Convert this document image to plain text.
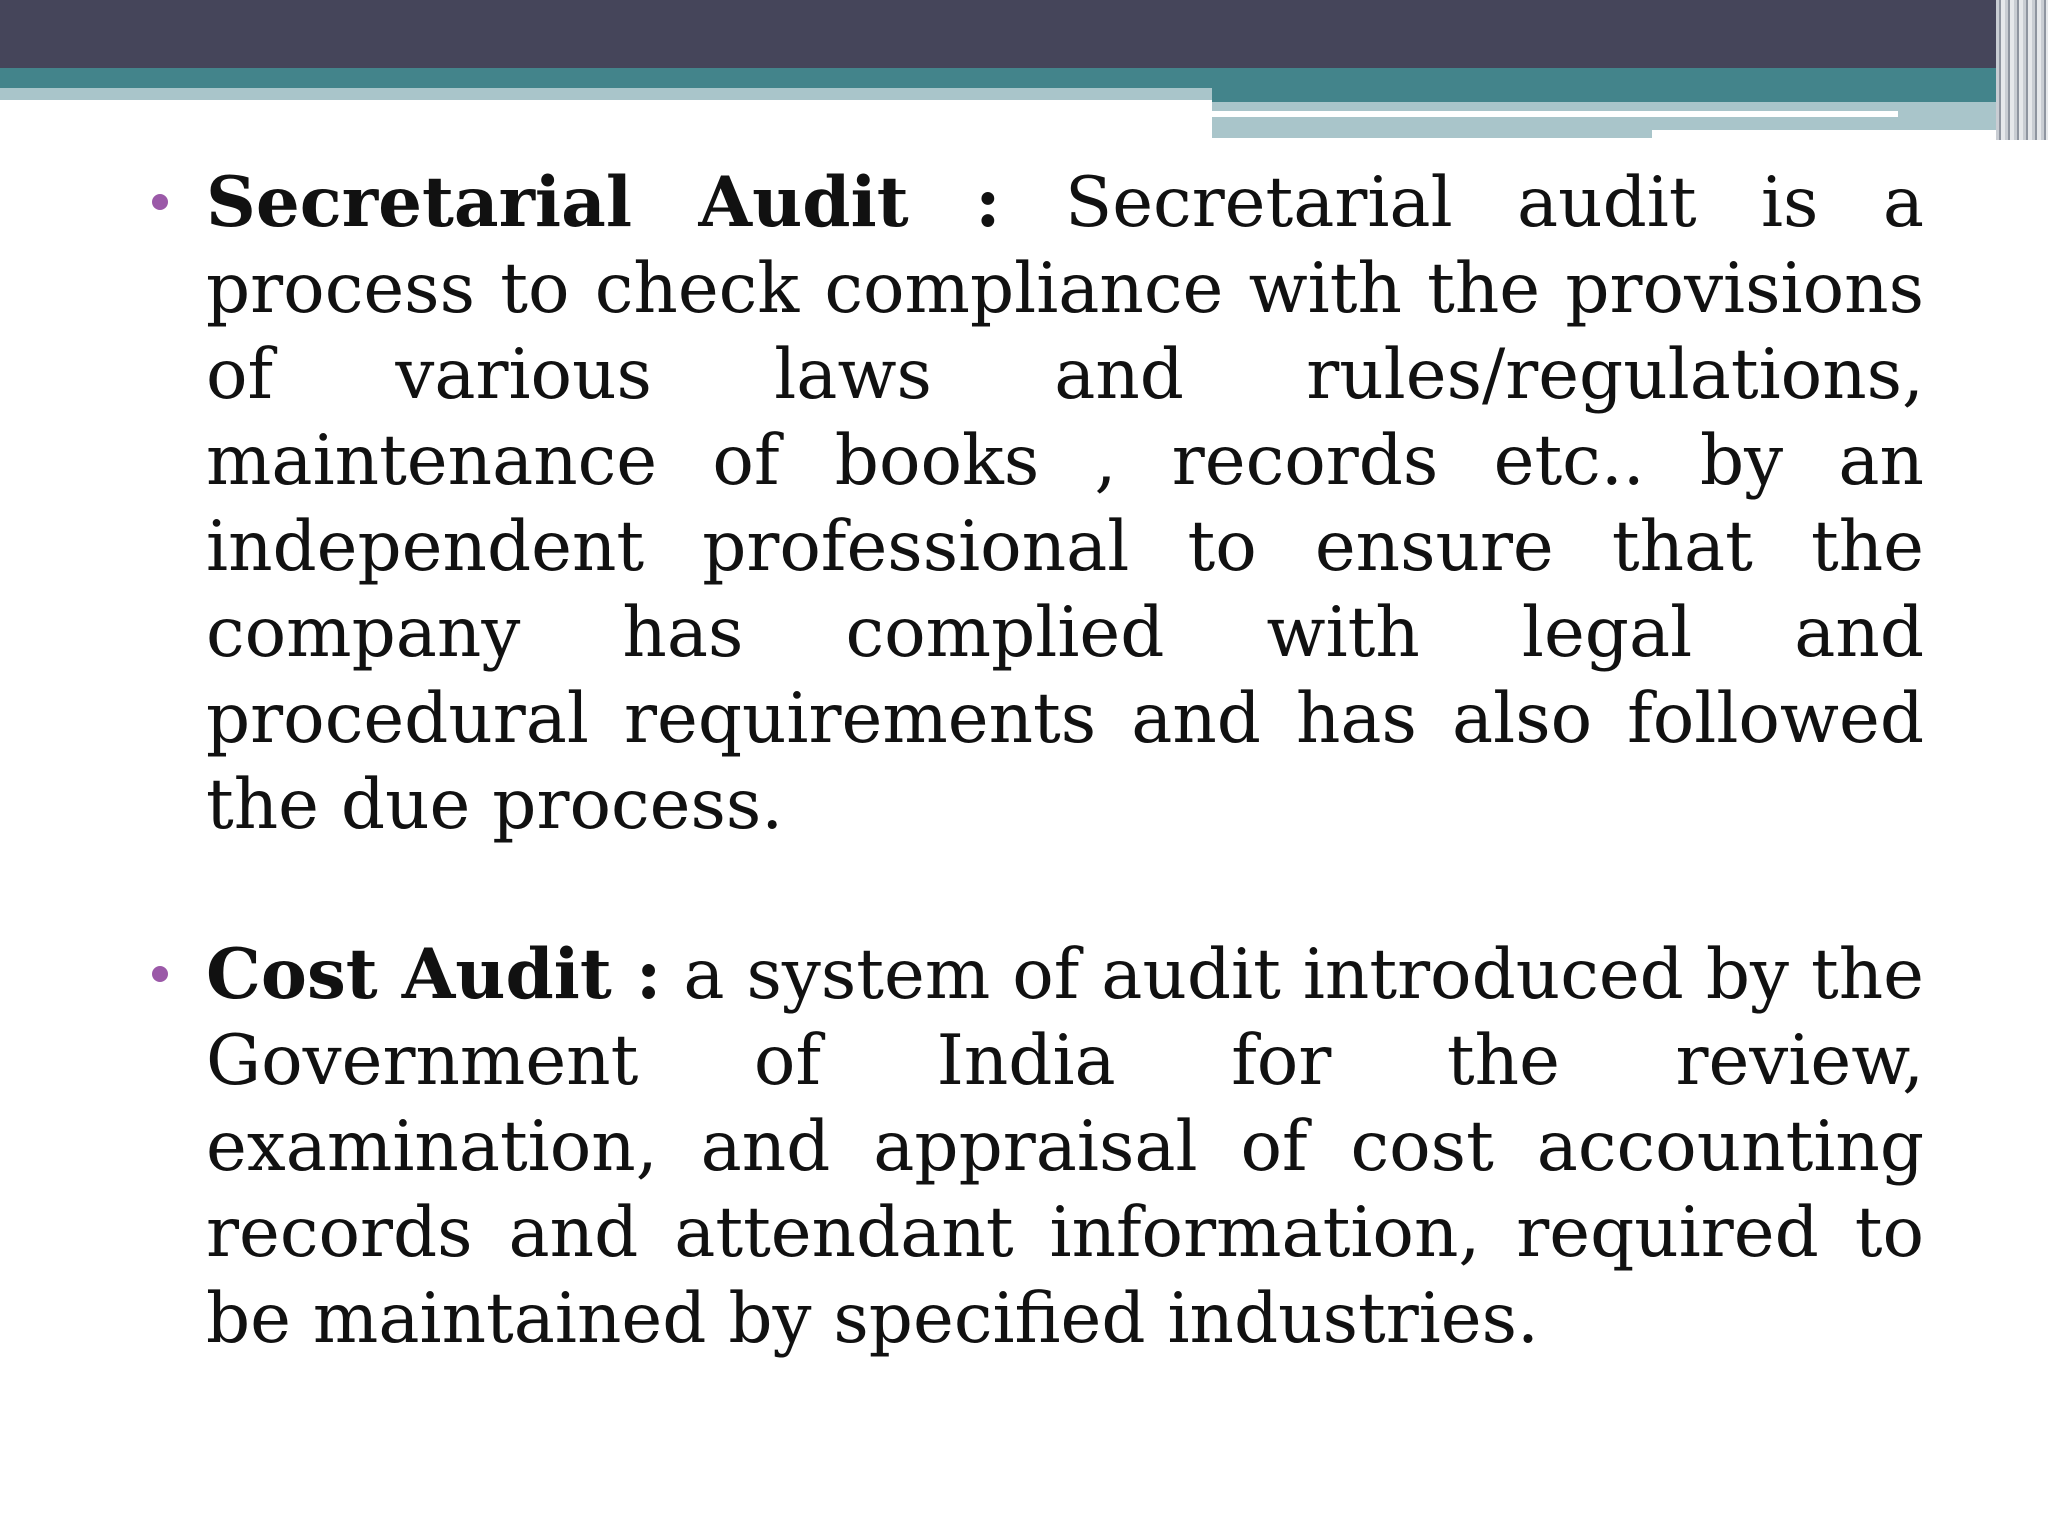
Secretarial Audit : Secretarial audit is a process to check compliance with the provisions of various laws and rules/regulations, maintenance of books , records etc.. by an independent professional to ensure that the company has complied with legal and procedural requirements and has also followed the due process.
Cost Audit : a system of audit introduced by the Government of India for the review, examination, and appraisal of cost accounting records and attendant information, required to be maintained by specified industries.
